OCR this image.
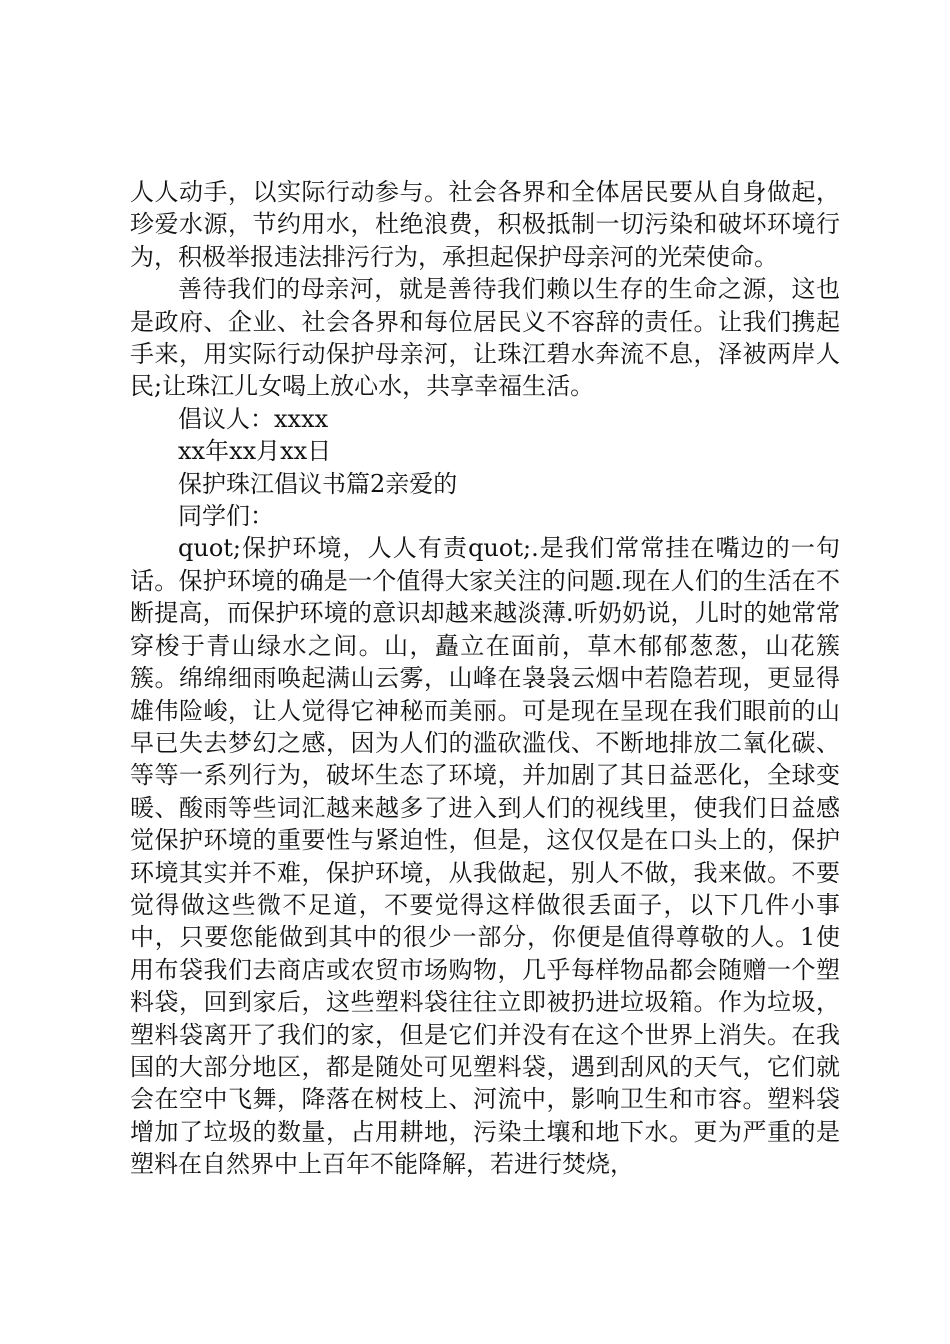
人人动手，以实际行动参与。社会各界和全体居民要从自身做起，珍爱水源，节约用水，杜绝浪费，积极抵制一切污染和破坏环境行为，积极举报违法排污行为，承担起保护母亲河的光荣使命。

善待我们的母亲河，就是善待我们赖以生存的生命之源，这也是政府、企业、社会各界和每位居民义不容辞的责任。让我们携起手来，用实际行动保护母亲河，让珠江碧水奔流不息，泽被两岸人民;让珠江儿女喝上放心水，共享幸福生活。

倡议人：xxxx

xx年xx月xx日

保护珠江倡议书篇2亲爱的

同学们：

quot;保护环境，人人有责quot;.是我们常常挂在嘴边的一句话。保护环境的确是一个值得大家关注的问题.现在人们的生活在不断提高，而保护环境的意识却越来越淡薄.听奶奶说，儿时的她常常穿梭于青山绿水之间。山，矗立在面前，草木郁郁葱葱，山花簇簇。绵绵细雨唤起满山云雾，山峰在袅袅云烟中若隐若现，更显得雄伟险峻，让人觉得它神秘而美丽。可是现在呈现在我们眼前的山早已失去梦幻之感，因为人们的滥砍滥伐、不断地排放二氧化碳、等等一系列行为，破坏生态了环境，并加剧了其日益恶化，全球变暖、酸雨等些词汇越来越多了进入到人们的视线里，使我们日益感觉保护环境的重要性与紧迫性，但是，这仅仅是在口头上的，保护环境其实并不难，保护环境，从我做起，别人不做，我来做。不要觉得做这些微不足道，不要觉得这样做很丢面子，以下几件小事中，只要您能做到其中的很少一部分，你便是值得尊敬的人。1使用布袋我们去商店或农贸市场购物，几乎每样物品都会随赠一个塑料袋，回到家后，这些塑料袋往往立即被扔进垃圾箱。作为垃圾，塑料袋离开了我们的家，但是它们并没有在这个世界上消失。在我国的大部分地区，都是随处可见塑料袋，遇到刮风的天气，它们就会在空中飞舞，降落在树枝上、河流中，影响卫生和市容。塑料袋增加了垃圾的数量，占用耕地，污染土壤和地下水。更为严重的是塑料在自然界中上百年不能降解，若进行焚烧，
